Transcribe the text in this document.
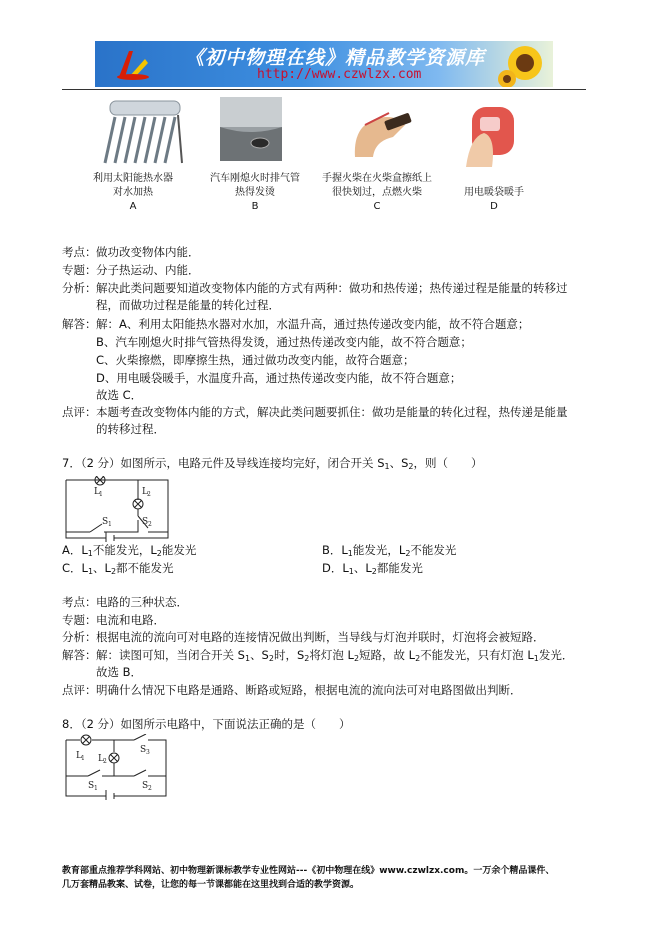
《初中物理在线》精品教学资源库
http://www.czwlzx.com
利用太阳能热水器
对水加热
A
汽车刚熄火时排气管
热得发烫
B
手握火柴在火柴盒擦纸上
很快划过，点燃火柴
C
用电暖袋暖手
D
考点：做功改变物体内能．
专题：分子热运动、内能．
分析：解决此类问题要知道改变物体内能的方式有两种：做功和热传递；热传递过程是能量的转移过
程，而做功过程是能量的转化过程．
解答：解：A、利用太阳能热水器对水加，水温升高，通过热传递改变内能，故不符合题意；
B、汽车刚熄火时排气管热得发烫，通过热传递改变内能，故不符合题意；
C、火柴擦燃，即摩擦生热，通过做功改变内能，故符合题意；
D、用电暖袋暖手，水温度升高，通过热传递改变内能，故不符合题意；
故选 C．
点评：本题考查改变物体内能的方式，解决此类问题要抓住：做功是能量的转化过程，热传递是能量
的转移过程．
7．（2 分）如图所示，电路元件及导线连接均完好，闭合开关 $S_1$、$S_2$，则（　　）
L 1	L 2
S 1	S 2
A．$L_1$不能发光，$L_2$能发光	B．$L_1$能发光，$L_2$不能发光
C．$L_1$、$L_2$都不能发光	D．$L_1$、$L_2$都能发光
考点：电路的三种状态．
专题：电流和电路．
分析：根据电流的流向可对电路的连接情况做出判断，当导线与灯泡并联时，灯泡将会被短路．
解答：解：读图可知，当闭合开关 $S_1$、$S_2$时，$S_2$将灯泡 $L_2$短路，故 $L_2$不能发光，只有灯泡 $L_1$发光．
故选 B．
点评：明确什么情况下电路是通路、断路或短路，根据电流的流向法可对电路图做出判断．
8．（2 分）如图所示电路中，下面说法正确的是（　　）
L 1 L 2
S 3
S 1	S 2
教育部重点推荐学科网站、初中物理新课标教学专业性网站---《初中物理在线》www.czwlzx.com。一万余个精品课件、
几万套精品教案、试卷，让您的每一节课都能在这里找到合适的教学资源。
